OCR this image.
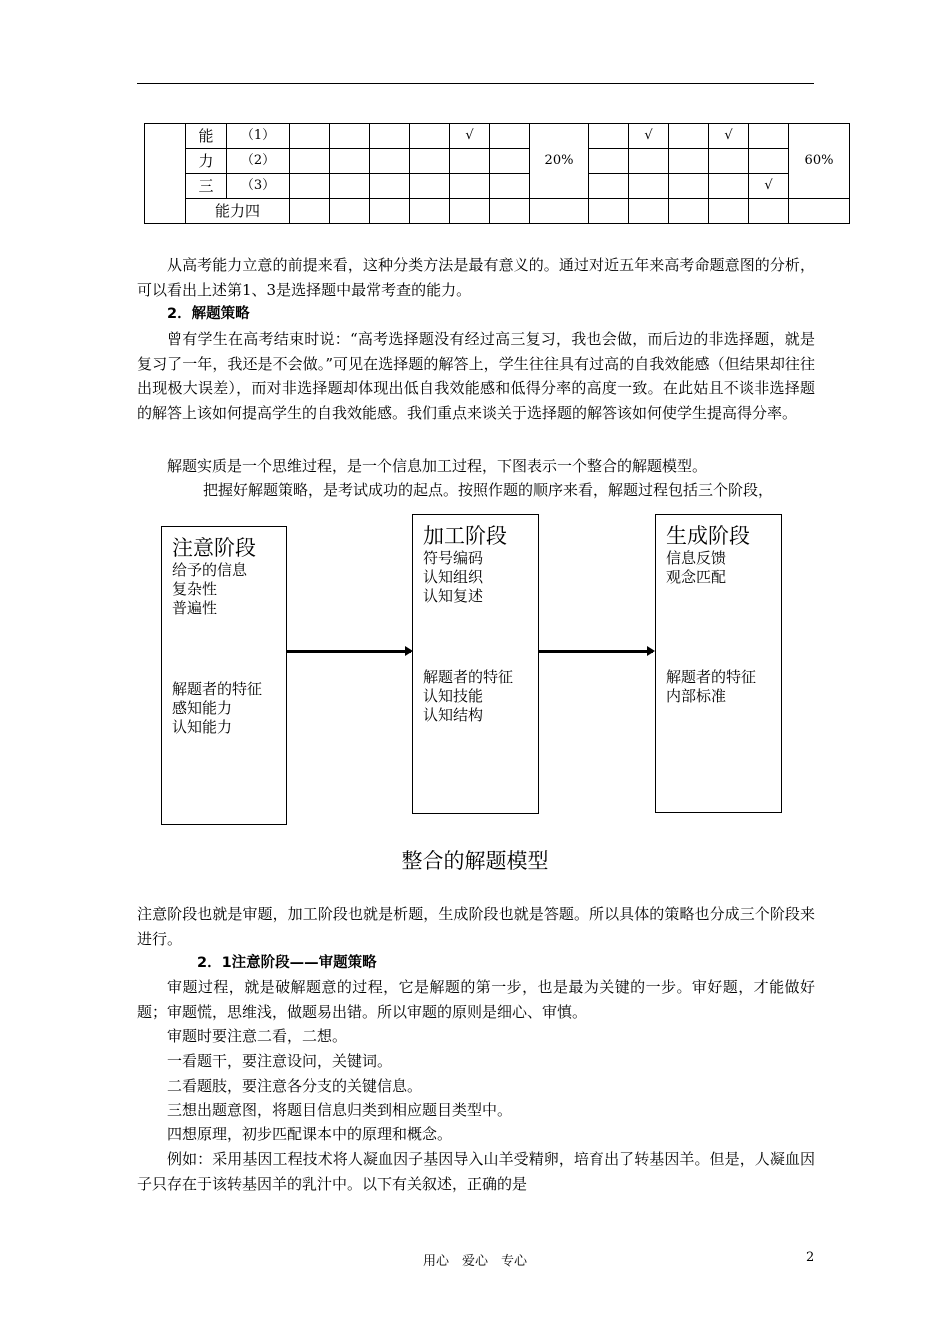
	能	（1）					√		20%		√		√		60%
	力	（2）													
	三	（3）												√	
	能力四														

从高考能力立意的前提来看，这种分类方法是最有意义的。通过对近五年来高考命题意图的分析，可以看出上述第1、3是选择题中最常考查的能力。

2．解题策略

曾有学生在高考结束时说：“高考选择题没有经过高三复习，我也会做，而后边的非选择题，就是复习了一年，我还是不会做。”可见在选择题的解答上，学生往往具有过高的自我效能感（但结果却往往出现极大误差），而对非选择题却体现出低自我效能感和低得分率的高度一致。在此姑且不谈非选择题的解答上该如何提高学生的自我效能感。我们重点来谈关于选择题的解答该如何使学生提高得分率。

解题实质是一个思维过程，是一个信息加工过程，下图表示一个整合的解题模型。

把握好解题策略，是考试成功的起点。按照作题的顺序来看，解题过程包括三个阶段，

注意阶段
给予的信息
复杂性
普遍性
解题者的特征
感知能力
认知能力
加工阶段
符号编码
认知组织
认知复述
解题者的特征
认知技能
认知结构
生成阶段
信息反馈
观念匹配
解题者的特征
内部标准
整合的解题模型

注意阶段也就是审题，加工阶段也就是析题，生成阶段也就是答题。所以具体的策略也分成三个阶段来进行。

2．1注意阶段——审题策略

审题过程，就是破解题意的过程，它是解题的第一步，也是最为关键的一步。审好题，才能做好题；审题慌，思维浅，做题易出错。所以审题的原则是细心、审慎。

审题时要注意二看，二想。

一看题干，要注意设问，关键词。

二看题肢，要注意各分支的关键信息。

三想出题意图，将题目信息归类到相应题目类型中。

四想原理，初步匹配课本中的原理和概念。

例如：采用基因工程技术将人凝血因子基因导入山羊受精卵，培育出了转基因羊。但是，人凝血因子只存在于该转基因羊的乳汁中。以下有关叙述，正确的是

用心　爱心　专心	2
